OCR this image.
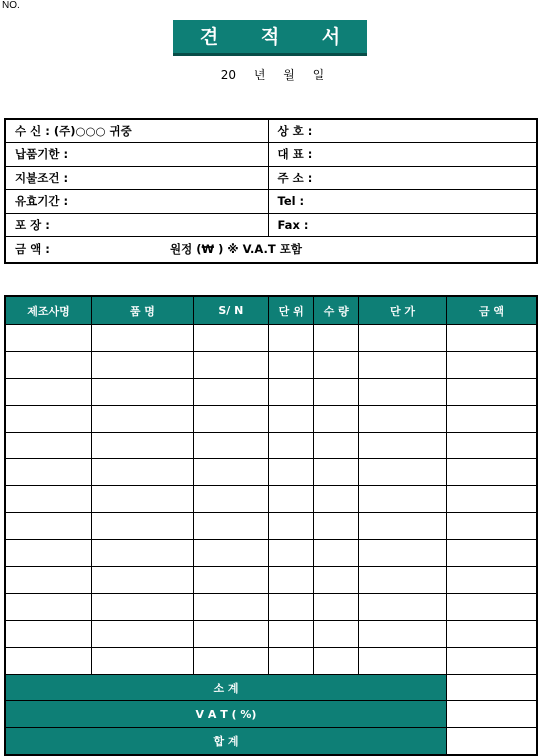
NO.
견 적 서
20 년 월 일
수 신 : (주)○○○ 귀중	상 호 :
납품기한 :	대 표 :
지불조건 :	주 소 :
유효기간 :	Tel :
포 장 :	Fax :
금 액 : 원정 (₩ ) ※ V.A.T 포함	
제조사명	품 명	S/ N	단 위	수 량	단 가	금 액

소 계						
V A T ( %)						
합 계						
